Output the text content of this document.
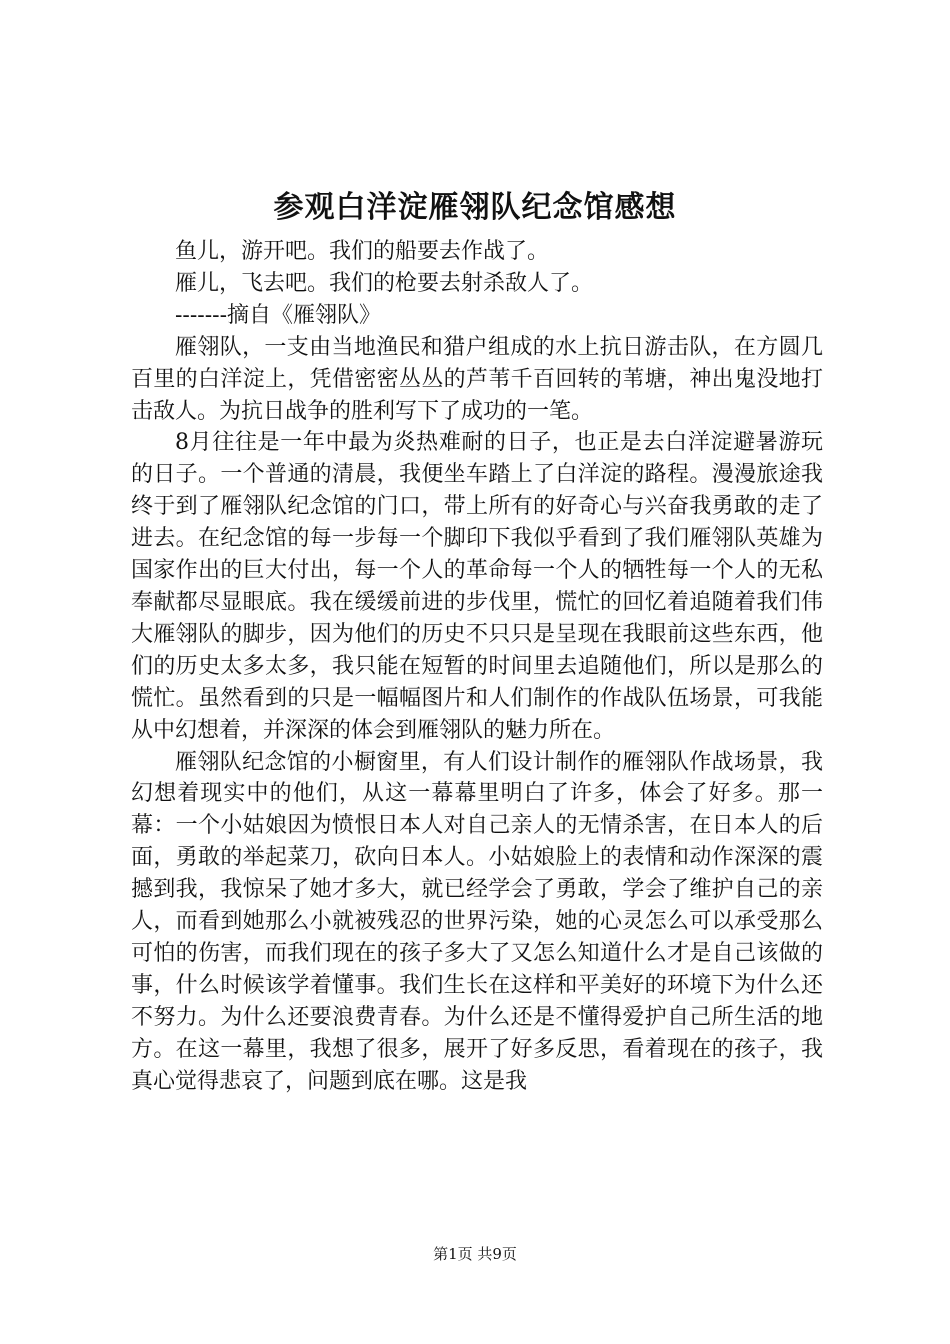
参观白洋淀雁翎队纪念馆感想

鱼儿，游开吧。我们的船要去作战了。

雁儿，飞去吧。我们的枪要去射杀敌人了。

-------摘自《雁翎队》

雁翎队，一支由当地渔民和猎户组成的水上抗日游击队，在方圆几百里的白洋淀上，凭借密密丛丛的芦苇千百回转的苇塘，神出鬼没地打击敌人。为抗日战争的胜利写下了成功的一笔。

8月往往是一年中最为炎热难耐的日子，也正是去白洋淀避暑游玩的日子。一个普通的清晨，我便坐车踏上了白洋淀的路程。漫漫旅途我终于到了雁翎队纪念馆的门口，带上所有的好奇心与兴奋我勇敢的走了进去。在纪念馆的每一步每一个脚印下我似乎看到了我们雁翎队英雄为国家作出的巨大付出，每一个人的革命每一个人的牺牲每一个人的无私奉献都尽显眼底。我在缓缓前进的步伐里，慌忙的回忆着追随着我们伟大雁翎队的脚步，因为他们的历史不只只是呈现在我眼前这些东西，他们的历史太多太多，我只能在短暂的时间里去追随他们，所以是那么的慌忙。虽然看到的只是一幅幅图片和人们制作的作战队伍场景，可我能从中幻想着，并深深的体会到雁翎队的魅力所在。

雁翎队纪念馆的小橱窗里，有人们设计制作的雁翎队作战场景，我幻想着现实中的他们，从这一幕幕里明白了许多，体会了好多。那一幕：一个小姑娘因为愤恨日本人对自己亲人的无情杀害，在日本人的后面，勇敢的举起菜刀，砍向日本人。小姑娘脸上的表情和动作深深的震撼到我，我惊呆了她才多大，就已经学会了勇敢，学会了维护自己的亲人，而看到她那么小就被残忍的世界污染，她的心灵怎么可以承受那么可怕的伤害，而我们现在的孩子多大了又怎么知道什么才是自己该做的事，什么时候该学着懂事。我们生长在这样和平美好的环境下为什么还不努力。为什么还要浪费青春。为什么还是不懂得爱护自己所生活的地方。在这一幕里，我想了很多，展开了好多反思，看着现在的孩子，我真心觉得悲哀了，问题到底在哪。这是我

第1页 共9页
